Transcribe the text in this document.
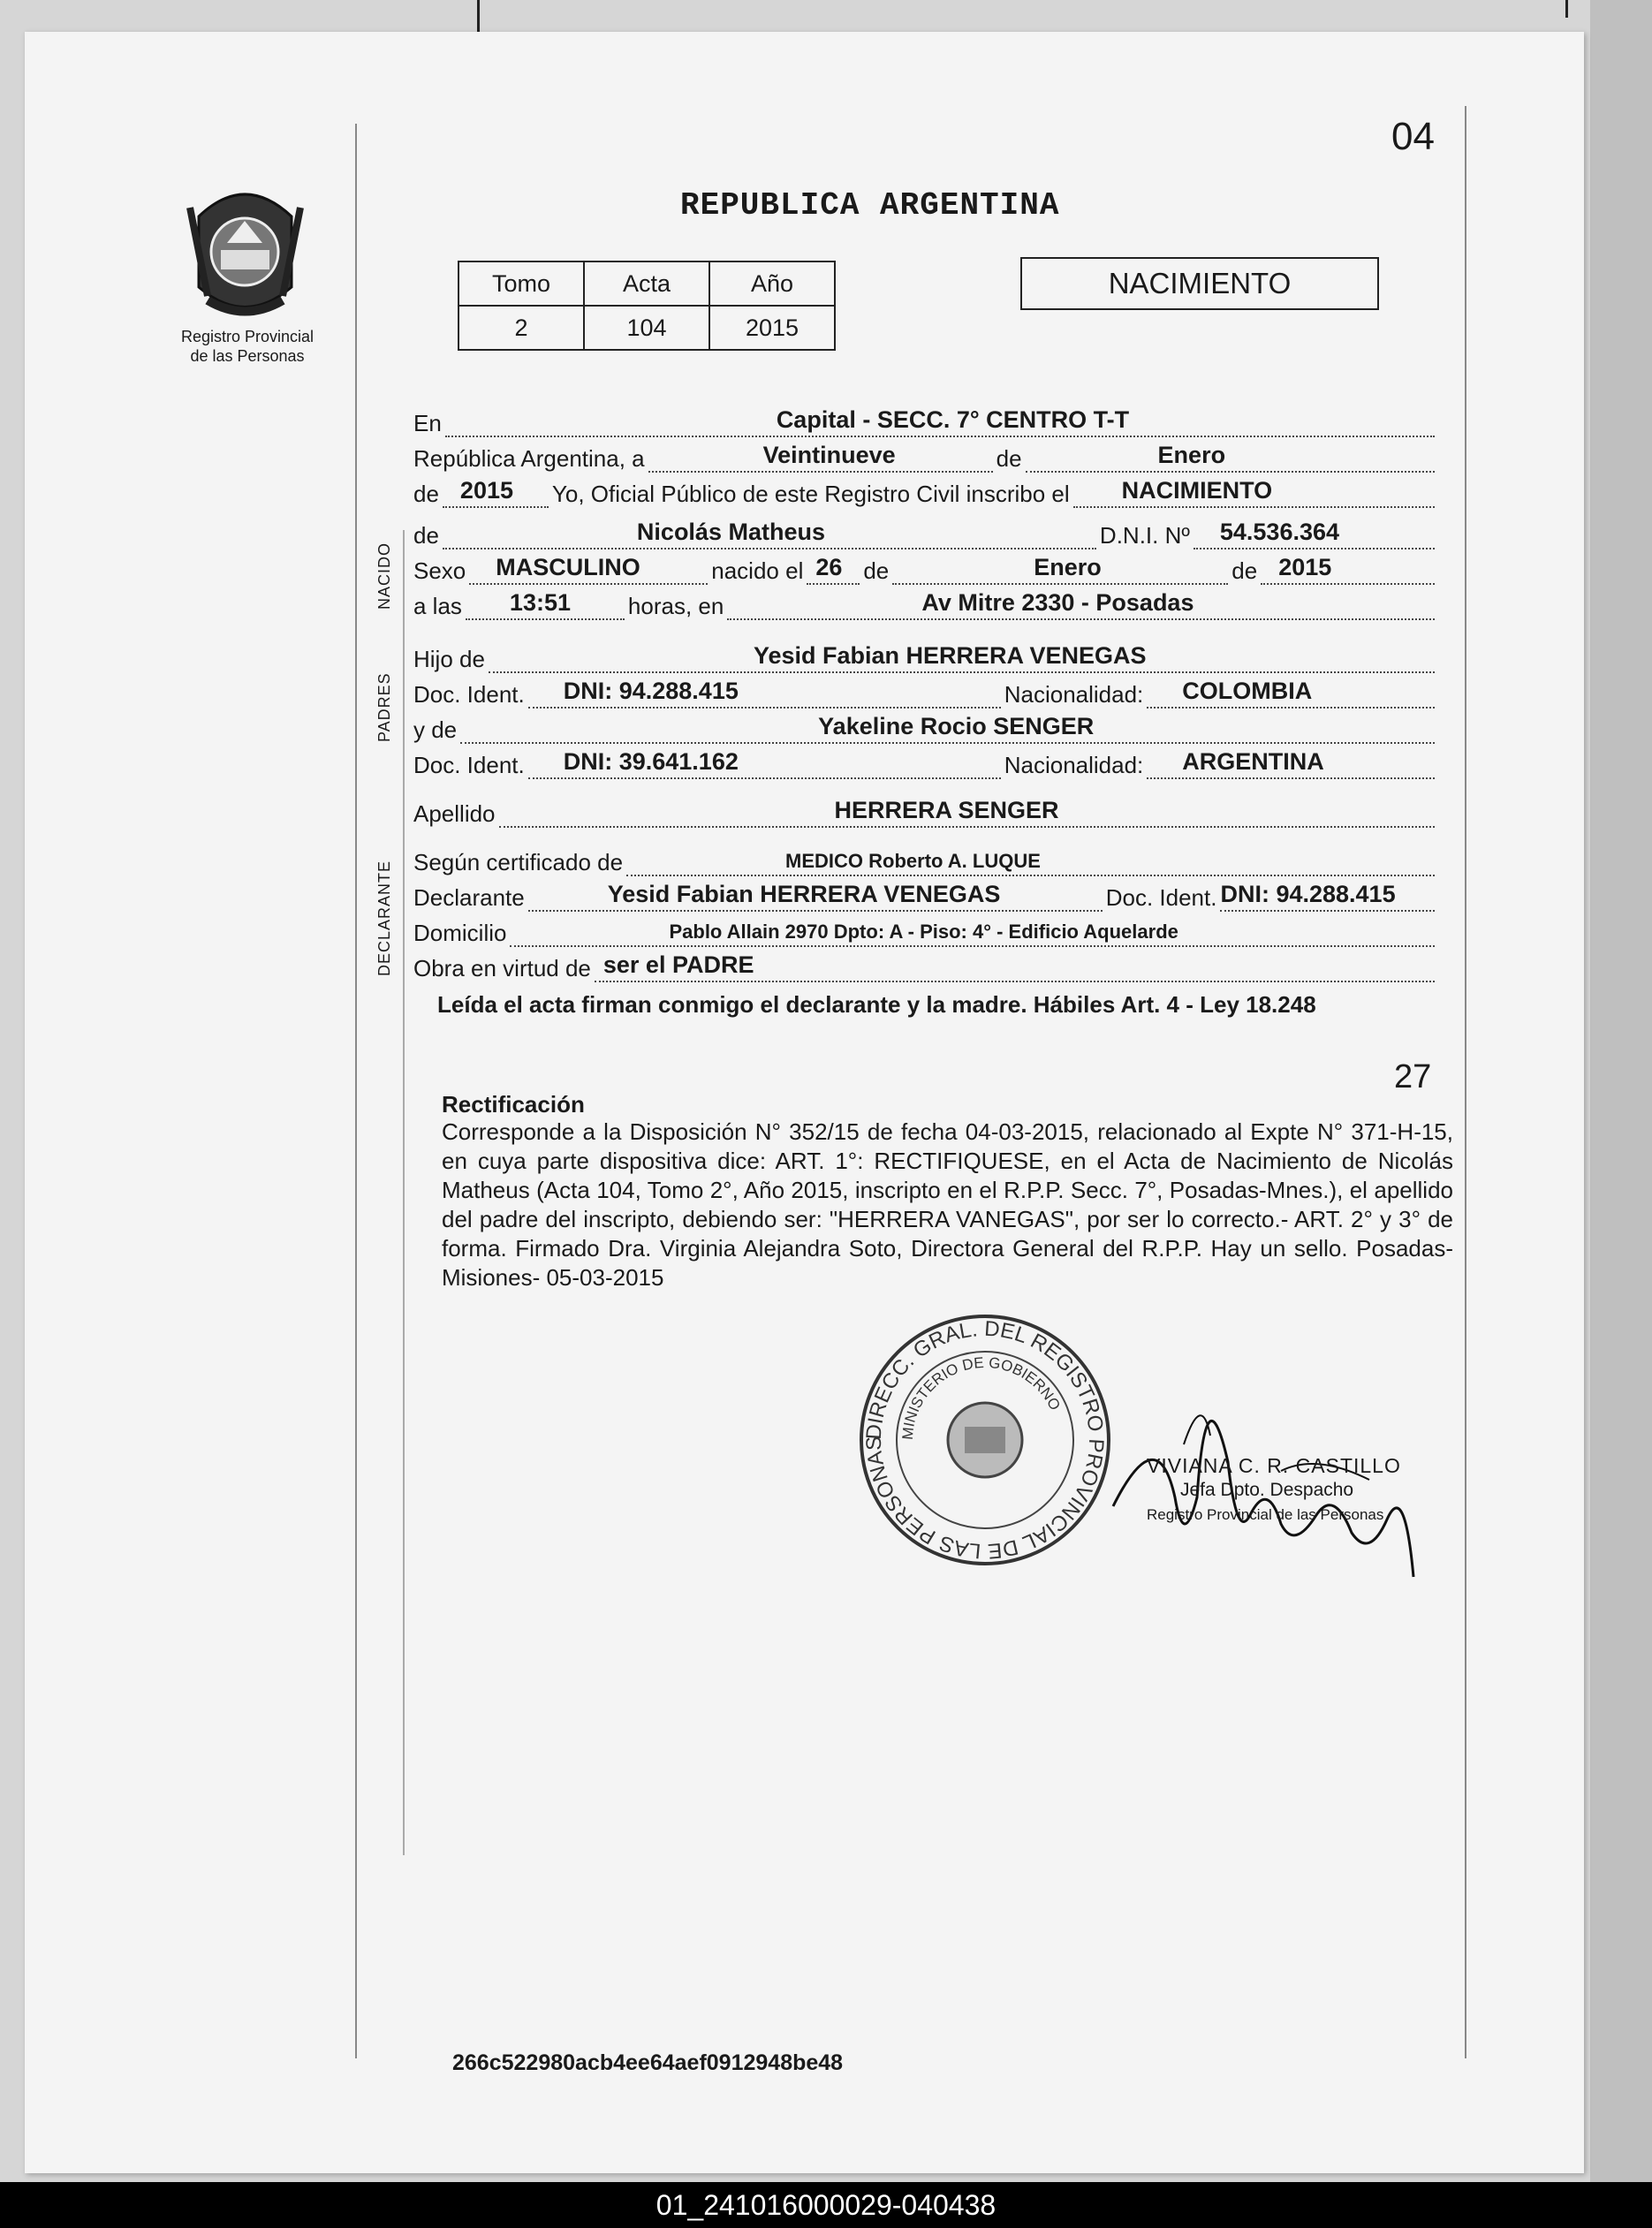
04
REPUBLICA ARGENTINA
Registro Provincial
de las Personas
Tomo	Acta	Año
2	104	2015
NACIMIENTO
NACIDO
PADRES
DECLARANTE
En	Capital - SECC. 7° CENTRO T-T
República Argentina, a	Veintinueve	de	Enero
de 2015 Yo, Oficial Público de este Registro Civil inscribo el NACIMIENTO
de	Nicolás Matheus	D.N.I. Nº 54.536.364
Sexo MASCULINO	nacido el 26 de	Enero	de 2015
a las 13:51 horas, en	Av Mitre 2330 - Posadas
Hijo de	Yesid Fabian HERRERA VENEGAS
Doc. Ident. DNI: 94.288.415	Nacionalidad: COLOMBIA
y de	Yakeline Rocio SENGER
Doc. Ident. DNI: 39.641.162	Nacionalidad: ARGENTINA
Apellido	HERRERA SENGER
Según certificado de	MEDICO Roberto A. LUQUE
Declarante	Yesid Fabian HERRERA VENEGAS	Doc. Ident. DNI: 94.288.415
Domicilio	Pablo Allain 2970 Dpto: A - Piso: 4° - Edificio Aquelarde
Obra en virtud de ser el PADRE
Leída el acta firman conmigo el declarante y la madre. Hábiles Art. 4 - Ley 18.248
27
Rectificación
Corresponde a la Disposición N° 352/15 de fecha 04-03-2015, relacionado al Expte N° 371-H-15, en cuya parte dispositiva dice: ART. 1°: RECTIFIQUESE, en el Acta de Nacimiento de Nicolás Matheus (Acta 104, Tomo 2°, Año 2015, inscripto en el R.P.P. Secc. 7°, Posadas-Mnes.), el apellido del padre del inscripto, debiendo ser: "HERRERA VANEGAS", por ser lo correcto.- ART. 2° y 3° de forma. Firmado Dra. Virginia Alejandra Soto, Directora General del R.P.P. Hay un sello. Posadas- Misiones- 05-03-2015
DIRECC. GRAL. DEL REGISTRO PROVINCIAL DE LAS PERSONAS
MINISTERIO DE GOBIERNO
VIVIANA C. R. CASTILLO
Jefa Dpto. Despacho
Registro Provincial de las Personas
266c522980acb4ee64aef0912948be48
01_241016000029-040438
